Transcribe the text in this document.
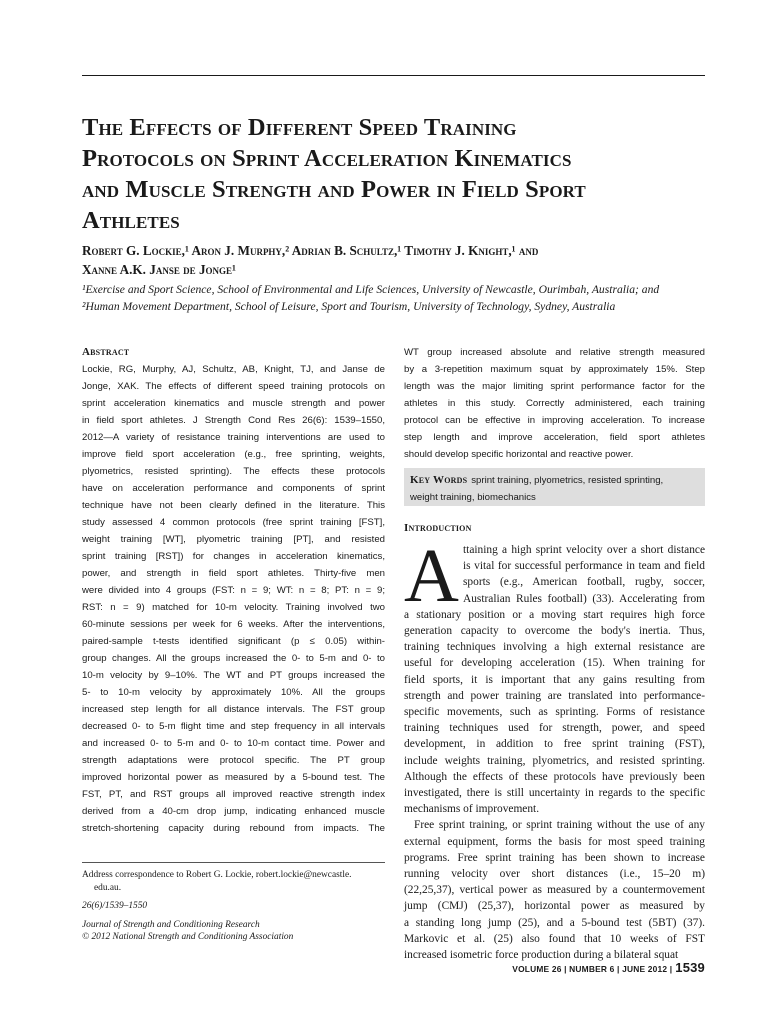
The Effects of Different Speed Training
Protocols on Sprint Acceleration Kinematics
and Muscle Strength and Power in Field Sport
Athletes
Robert G. Lockie,¹ Aron J. Murphy,² Adrian B. Schultz,¹ Timothy J. Knight,¹ and
Xanne A.K. Janse de Jonge¹
¹Exercise and Sport Science, School of Environmental and Life Sciences, University of Newcastle, Ourimbah, Australia; and
²Human Movement Department, School of Leisure, Sport and Tourism, University of Technology, Sydney, Australia
Abstract
Lockie, RG, Murphy, AJ, Schultz, AB, Knight, TJ, and Janse de
Jonge, XAK. The effects of different speed training protocols on
sprint acceleration kinematics and muscle strength and power
in field sport athletes. J Strength Cond Res 26(6): 1539–1550,
2012—A variety of resistance training interventions are used to
improve field sport acceleration (e.g., free sprinting, weights,
plyometrics, resisted sprinting). The effects these protocols
have on acceleration performance and components of sprint
technique have not been clearly defined in the literature. This
study assessed 4 common protocols (free sprint training [FST],
weight training [WT], plyometric training [PT], and resisted
sprint training [RST]) for changes in acceleration kinematics,
power, and strength in field sport athletes. Thirty-five men
were divided into 4 groups (FST: n = 9; WT: n = 8; PT: n = 9;
RST: n = 9) matched for 10-m velocity. Training involved two
60-minute sessions per week for 6 weeks. After the interventions,
paired-sample t-tests identified significant (p ≤ 0.05) within-
group changes. All the groups increased the 0- to 5-m and 0- to
10-m velocity by 9–10%. The WT and PT groups increased the
5- to 10-m velocity by approximately 10%. All the groups
increased step length for all distance intervals. The FST group
decreased 0- to 5-m flight time and step frequency in all intervals
and increased 0- to 5-m and 0- to 10-m contact time. Power and
strength adaptations were protocol specific. The PT group
improved horizontal power as measured by a 5-bound test. The
FST, PT, and RST groups all improved reactive strength index
derived from a 40-cm drop jump, indicating enhanced muscle
stretch-shortening capacity during rebound from impacts. The
WT group increased absolute and relative strength measured
by a 3-repetition maximum squat by approximately 15%. Step
length was the major limiting sprint performance factor for the
athletes in this study. Correctly administered, each training
protocol can be effective in improving acceleration. To increase
step length and improve acceleration, field sport athletes
should develop specific horizontal and reactive power.
Key Words sprint training, plyometrics, resisted sprinting,
weight training, biomechanics
Introduction
A ttaining a high sprint velocity over a short distance
is vital for successful performance in team and field
sports (e.g., American football, rugby, soccer,
Australian Rules football) (33). Accelerating from
a stationary position or a moving start requires high force
generation capacity to overcome the body's inertia. Thus,
training techniques involving a high external resistance are
useful for developing acceleration (15). When training for
field sports, it is important that any gains resulting from
strength and power training are translated into performance-
specific movements, such as sprinting. Forms of resistance
training techniques used for strength, power, and speed
development, in addition to free sprint training (FST),
include weights training, plyometrics, and resisted sprinting.
Although the effects of these protocols have previously been
investigated, there is still uncertainty in regards to the specific
mechanisms of improvement.
Free sprint training, or sprint training without the use of any
external equipment, forms the basis for most speed training
programs. Free sprint training has been shown to increase
running velocity over short distances (i.e., 15–20 m)
(22,25,37), vertical power as measured by a countermovement
jump (CMJ) (25,37), horizontal power as measured by
a standing long jump (25), and a 5-bound test (5BT) (37).
Markovic et al. (25) also found that 10 weeks of FST
increased isometric force production during a bilateral squat
Address correspondence to Robert G. Lockie, robert.lockie@newcastle.
edu.au.
26(6)/1539–1550
Journal of Strength and Conditioning Research
© 2012 National Strength and Conditioning Association
VOLUME 26 | NUMBER 6 | JUNE 2012 | 1539
